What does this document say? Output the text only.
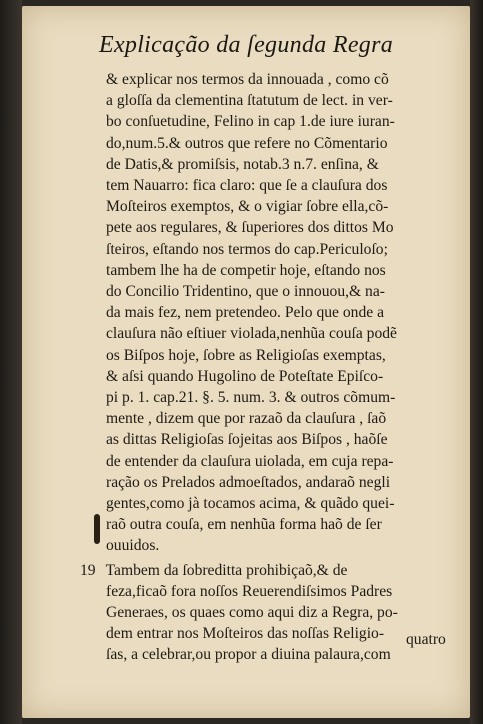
Explicação da ſegunda Regra
& explicar nos termos da innouada , como cõ
a gloſſa da clementina ſtatutum de lect. in ver-
bo conſuetudine, Felino in cap 1.de iure iuran-
do,num.5.& outros que refere no Cõmentario
de Datis,& promiſsis, notab.3 n.7. enſina, &
tem Nauarro: fica claro: que ſe a clauſura dos
Moſteiros exemptos, & o vigiar ſobre ella,cõ-
pete aos regulares, & ſuperiores dos dittos Mo
ſteiros, eſtando nos termos do cap.Periculoſo;
tambem lhe ha de competir hoje, eſtando nos
do Concilio Tridentino, que o innouou,& na-
da mais fez, nem pretendeo. Pelo que onde a
clauſura não eſtiuer violada,nenhũa couſa podẽ
os Biſpos hoje, ſobre as Religioſas exemptas,
& aſsi quando Hugolino de Poteſtate Epiſco-
pi p. 1. cap.21. §. 5. num. 3. & outros cõmum-
mente , dizem que por razaõ da clauſura , ſaõ
as dittas Religioſas ſojeitas aos Biſpos , haõſe
de entender da clauſura uiolada, em cuja repa-
ração os Prelados admoeſtados, andaraõ negli
gentes,como jà tocamos acima, & quãdo quei-
raõ outra couſa, em nenhũa forma haõ de ſer
ouuidos.
19 Tambem da ſobreditta prohibiçaõ,& de
feza,ficaõ fora noſſos Reuerendiſsimos Padres
Generaes, os quaes como aqui diz a Regra, po-
dem entrar nos Moſteiros das noſſas Religio-
ſas, a celebrar,ou propor a diuina palaura,com
quatro
